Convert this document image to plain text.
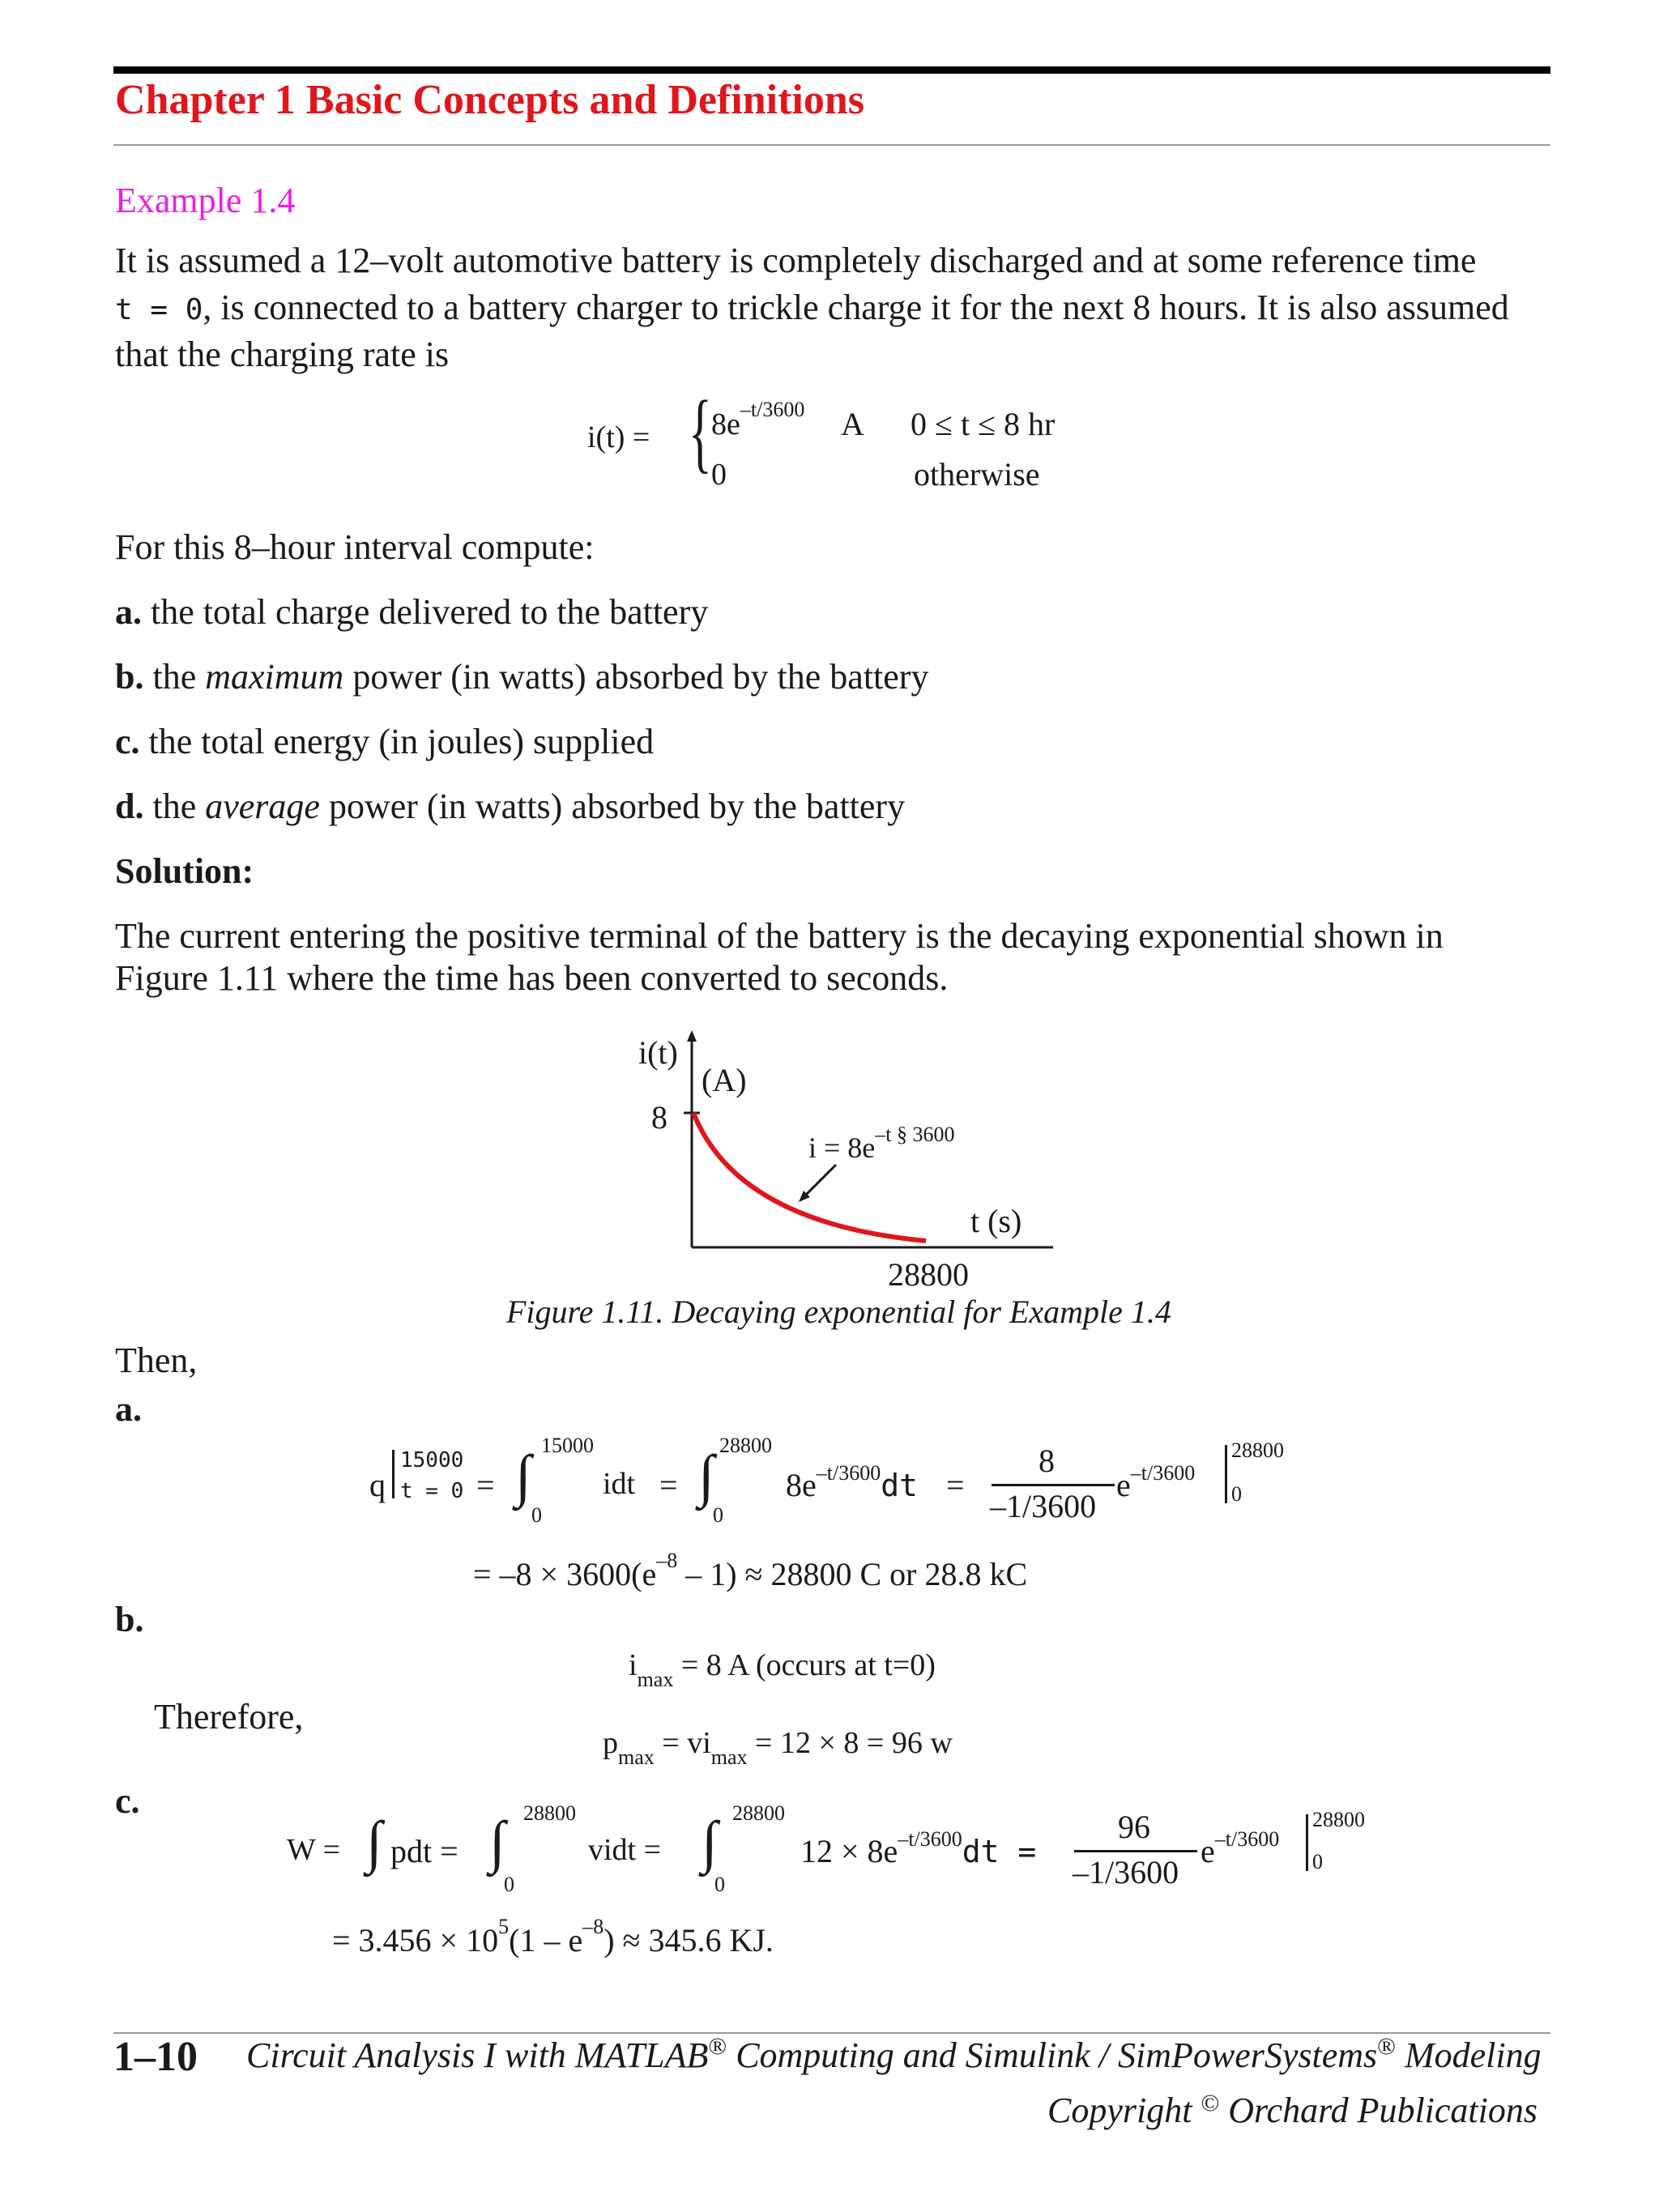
Chapter 1 Basic Concepts and Definitions
Example 1.4
It is assumed a 12–volt automotive battery is completely discharged and at some reference time
t = 0, is connected to a battery charger to trickle charge it for the next 8 hours. It is also assumed
that the charging rate is
i(t) = { $8e^{-t/3600}$ A 0 ≤ t ≤ 8 hr
0	otherwise
For this 8–hour interval compute:
a. the total charge delivered to the battery
b. the maximum power (in watts) absorbed by the battery
c. the total energy (in joules) supplied
d. the average power (in watts) absorbed by the battery
Solution:
The current entering the positive terminal of the battery is the decaying exponential shown in
Figure 1.11 where the time has been converted to seconds.
i(t)
(A)
8
$i = 8e^{-t \S 3600}$
t (s)
28800
Figure 1.11. Decaying exponential for Example 1.4
Then,
a.
q
15000
t = 0 = ∫ 15000
0
idt = ∫ 28800
0
$8e^{-t/3600}dt$ =
8
–1/3600
$e^{-t/3600}$
28800
0
= $-8 \times 3600(e^{-8} - 1) \approx 28800$ C or 28.8 kC
b.
$i_{max} = 8$ A (occurs at t=0)
Therefore,
$p_{max} = vi_{max} = 12 \times 8 = 96$ w
c.
W = ∫ pdt = ∫ 28800
0
vidt = ∫ 28800
0
$12 \times 8e^{-t/3600}dt$ =
96
–1/3600
$e^{-t/3600}$
28800
0
= $3.456 \times 10^5(1 - e^{-8}) \approx 345.6$ KJ.
1–10 Circuit Analysis I with MATLAB® Computing and Simulink / SimPowerSystems® Modeling
Copyright © Orchard Publications
